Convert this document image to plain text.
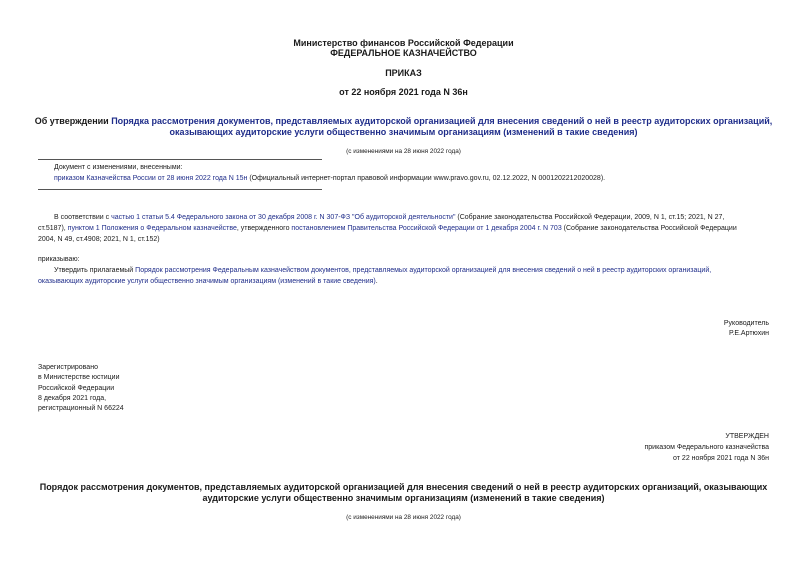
Министерство финансов Российской Федерации
ФЕДЕРАЛЬНОЕ КАЗНАЧЕЙСТВО
ПРИКАЗ
от 22 ноября 2021 года N 36н
Об утверждении Порядка рассмотрения документов, представляемых аудиторской организацией для внесения сведений о ней в реестр аудиторских организаций,
оказывающих аудиторские услуги общественно значимым организациям (изменений в такие сведения)
(с изменениями на 28 июня 2022 года)
Документ с изменениями, внесенными:
приказом Казначейства России от 28 июня 2022 года N 15н (Официальный интернет-портал правовой информации www.pravo.gov.ru, 02.12.2022, N 0001202212020028).
В соответствии с частью 1 статьи 5.4 Федерального закона от 30 декабря 2008 г. N 307-ФЗ "Об аудиторской деятельности" (Собрание законодательства Российской Федерации, 2009, N 1, ст.15; 2021, N 27,
ст.5187), пунктом 1 Положения о Федеральном казначействе, утвержденного постановлением Правительства Российской Федерации от 1 декабря 2004 г. N 703 (Собрание законодательства Российской Федерации
2004, N 49, ст.4908; 2021, N 1, ст.152)
приказываю:
Утвердить прилагаемый Порядок рассмотрения Федеральным казначейством документов, представляемых аудиторской организацией для внесения сведений о ней в реестр аудиторских организаций,
оказывающих аудиторские услуги общественно значимым организациям (изменений в такие сведения).
Руководитель
Р.Е.Артюхин

Зарегистрировано

в Министерстве юстиции

Российской Федерации

8 декабря 2021 года,

регистрационный N 66224

УТВЕРЖДЕН

приказом Федерального казначейства

от 22 ноября 2021 года N 36н

Порядок рассмотрения документов, представляемых аудиторской организацией для внесения сведений о ней в реестр аудиторских организаций, оказывающих
аудиторские услуги общественно значимым организациям (изменений в такие сведения)
(с изменениями на 28 июня 2022 года)
